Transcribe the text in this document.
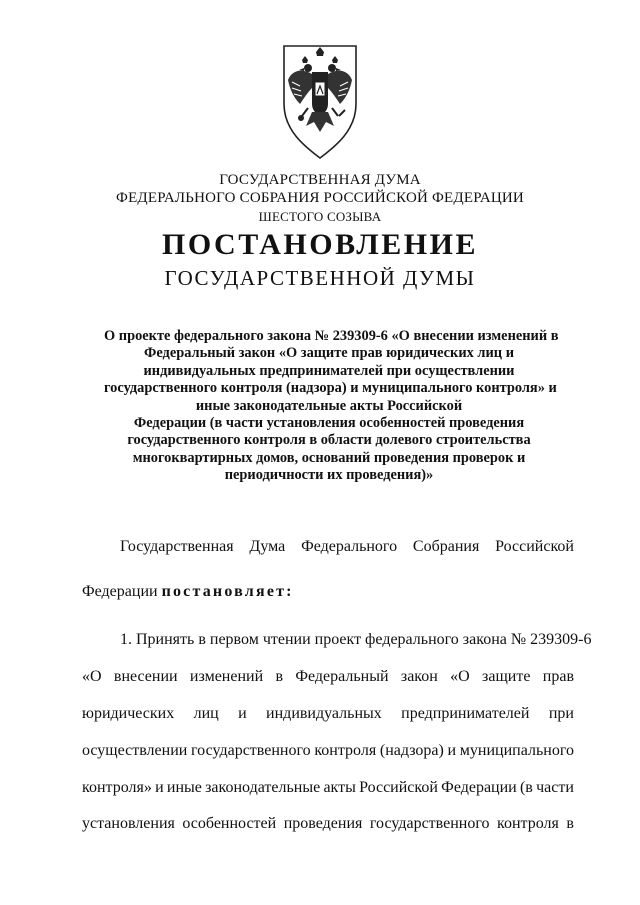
ГОСУДАРСТВЕННАЯ ДУМА
ФЕДЕРАЛЬНОГО СОБРАНИЯ РОССИЙСКОЙ ФЕДЕРАЦИИ
ШЕСТОГО СОЗЫВА
ПОСТАНОВЛЕНИЕ
ГОСУДАРСТВЕННОЙ ДУМЫ
О проекте федерального закона № 239309-6 «О внесении изменений в
Федеральный закон «О защите прав юридических лиц и
индивидуальных предпринимателей при осуществлении
государственного контроля (надзора) и муниципального контроля» и
иные законодательные акты Российской
Федерации (в части установления особенностей проведения
государственного контроля в области долевого строительства
многоквартирных домов, оснований проведения проверок и
периодичности их проведения)»
Государственная Дума Федерального Собрания Российской
Федерации постановляет:
1. Принять в первом чтении проект федерального закона № 239309-6
«О внесении изменений в Федеральный закон «О защите прав
юридических лиц и индивидуальных предпринимателей при
осуществлении государственного контроля (надзора) и муниципального
контроля» и иные законодательные акты Российской Федерации (в части
установления особенностей проведения государственного контроля в
